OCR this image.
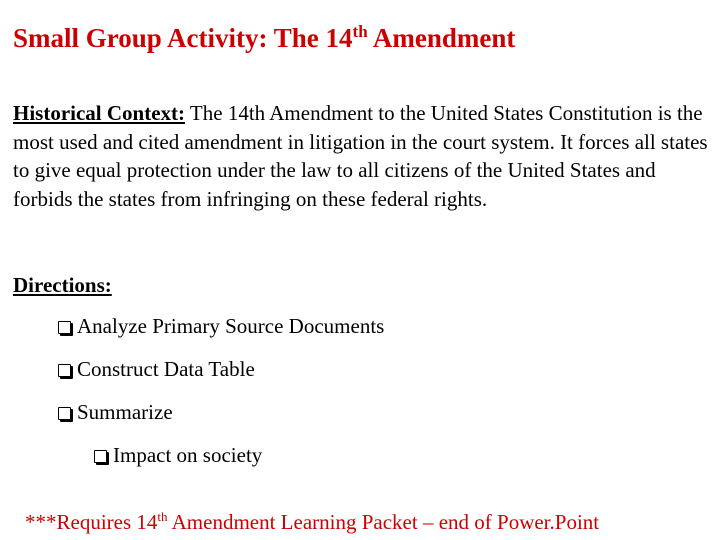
Small Group Activity: The 14th Amendment
Historical Context: The 14th Amendment to the United States Constitution is the most used and cited amendment in litigation in the court system. It forces all states to give equal protection under the law to all citizens of the United States and forbids the states from infringing on these federal rights.
Directions:
Analyze Primary Source Documents
Construct Data Table
Summarize
Impact on society
***Requires 14th Amendment Learning Packet – end of Power.Point
